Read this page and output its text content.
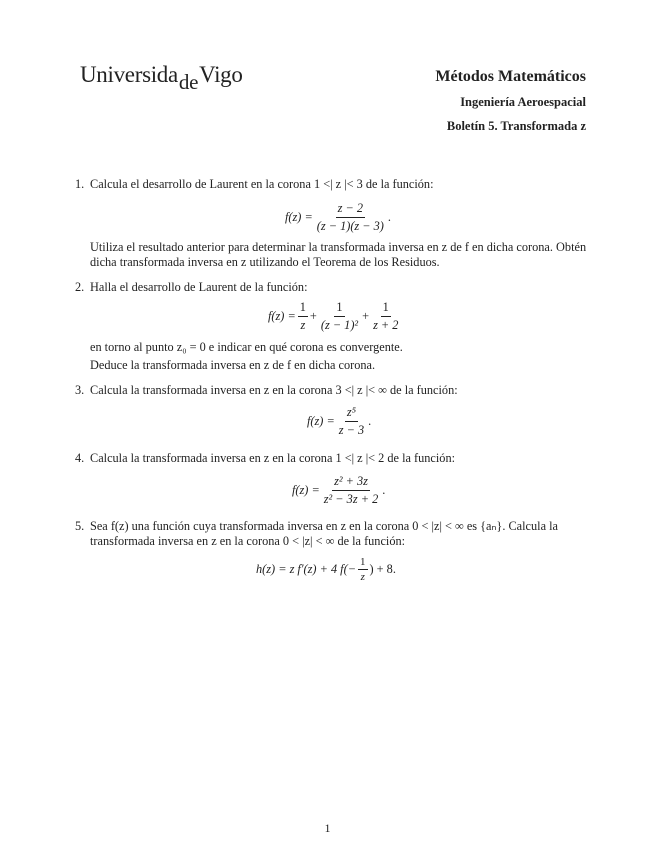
UniversidadeVigo	Métodos Matemáticos
Ingeniería Aeroespacial
Boletín 5. Transformada z
1. Calcula el desarrollo de Laurent en la corona 1 <| z |< 3 de la función:
$f(z) = \frac{z - 2}{(z - 1)(z - 3)}$ .
Utiliza el resultado anterior para determinar la transformada inversa en z de f en dicha corona. Obtén dicha transformada inversa en z utilizando el Teorema de los Residuos.
2. Halla el desarrollo de Laurent de la función:
$f(z) = \frac{1}{z} + \frac{1}{\text{(z − 1)²}} + \frac{1}{z + 2}$
en torno al punto z₀ = 0 e indicar en qué corona es convergente.
Deduce la transformada inversa en z de f en dicha corona.
3. Calcula la transformada inversa en z en la corona 3 <| z |< ∞ de la función:
$f(z) = \frac{\text{z⁵}}{z - 3}$ .
4. Calcula la transformada inversa en z en la corona 1 <| z |< 2 de la función:
$f(z) = \frac{\text{z² + 3z}}{\text{z² − 3z + 2}}$ .
5. Sea f(z) una función cuya transformada inversa en z en la corona 0 < |z| < ∞ es {aₙ}. Calcula la transformada inversa en z en la corona 0 < |z| < ∞ de la función:
h(z) = z f′(z) + 4 $f(- \frac{1}{z}$ ) + 8.
1
